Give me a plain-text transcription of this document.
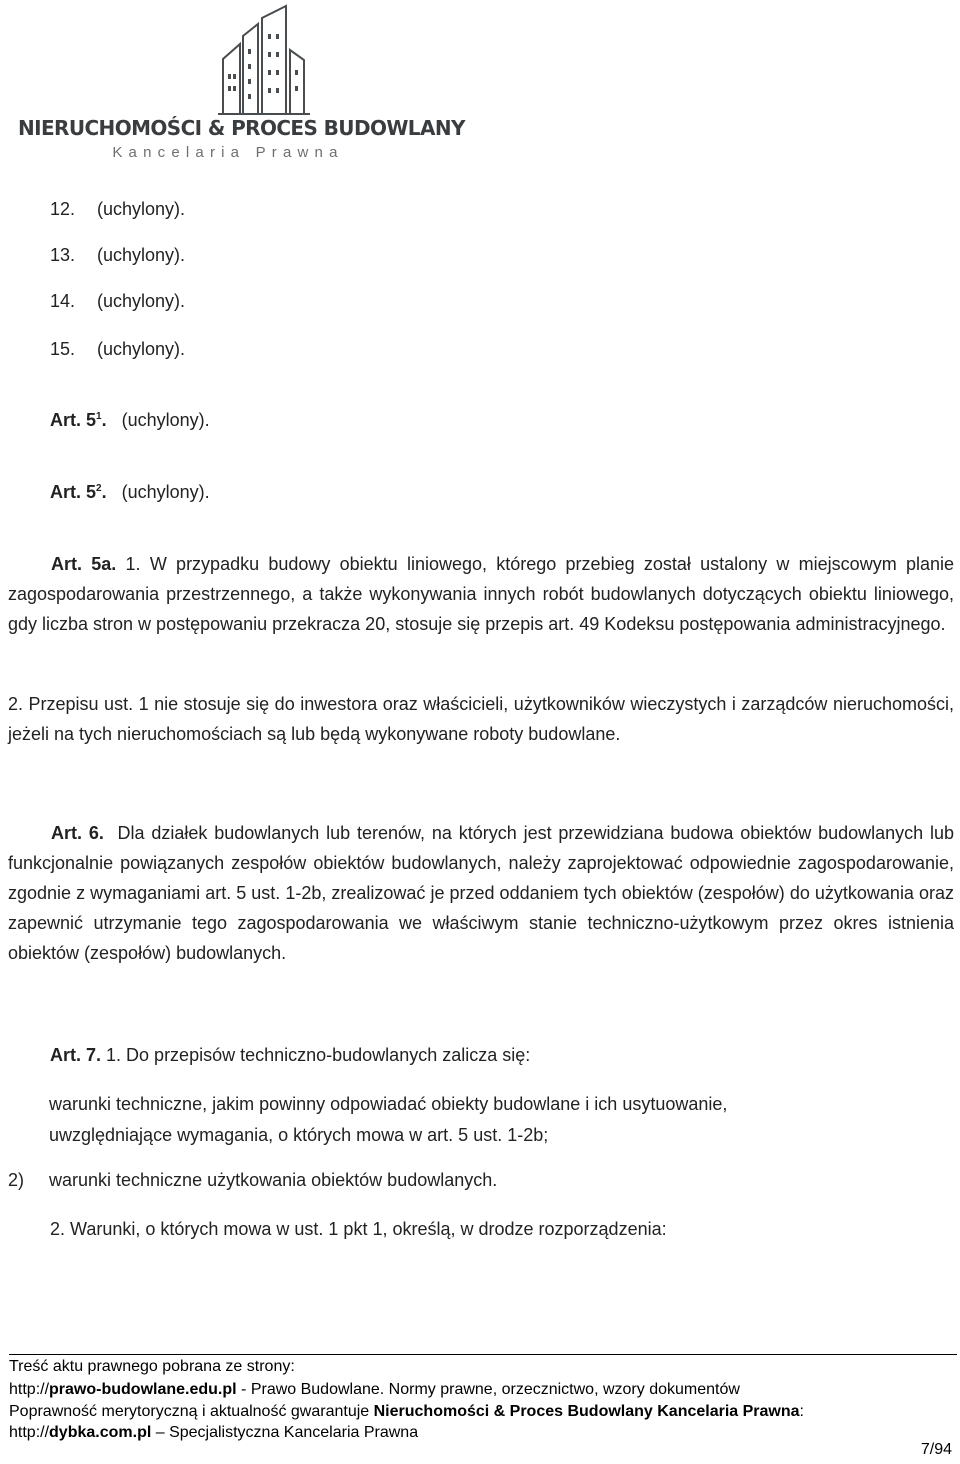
NIERUCHOMOŚCI & PROCES BUDOWLANY
Kancelaria Prawna
12. (uchylony).
13. (uchylony).
14. (uchylony).
15. (uchylony).
Art. $5^1$. (uchylony).
Art. $5^2$. (uchylony).
Art. 5a. 1. W przypadku budowy obiektu liniowego, którego przebieg został ustalony w miejscowym planie zagospodarowania przestrzennego, a także wykonywania innych robót budowlanych dotyczących obiektu liniowego, gdy liczba stron w postępowaniu przekracza 20, stosuje się przepis art. 49 Kodeksu postępowania administracyjnego.
2. Przepisu ust. 1 nie stosuje się do inwestora oraz właścicieli, użytkowników wieczystych i zarządców nieruchomości, jeżeli na tych nieruchomościach są lub będą wykonywane roboty budowlane.
Art. 6. Dla działek budowlanych lub terenów, na których jest przewidziana budowa obiektów budowlanych lub funkcjonalnie powiązanych zespołów obiektów budowlanych, należy zaprojektować odpowiednie zagospodarowanie, zgodnie z wymaganiami art. 5 ust. 1-2b, zrealizować je przed oddaniem tych obiektów (zespołów) do użytkowania oraz zapewnić utrzymanie tego zagospodarowania we właściwym stanie techniczno-użytkowym przez okres istnienia obiektów (zespołów) budowlanych.
Art. 7. 1. Do przepisów techniczno-budowlanych zalicza się:
warunki techniczne, jakim powinny odpowiadać obiekty budowlane i ich usytuowanie,
uwzględniające wymagania, o których mowa w art. 5 ust. 1-2b;
2) warunki techniczne użytkowania obiektów budowlanych.
2. Warunki, o których mowa w ust. 1 pkt 1, określą, w drodze rozporządzenia:
Treść aktu prawnego pobrana ze strony:
http://prawo-budowlane.edu.pl - Prawo Budowlane. Normy prawne, orzecznictwo, wzory dokumentów
Poprawność merytoryczną i aktualność gwarantuje Nieruchomości & Proces Budowlany Kancelaria Prawna:
http://dybka.com.pl – Specjalistyczna Kancelaria Prawna
7/94
